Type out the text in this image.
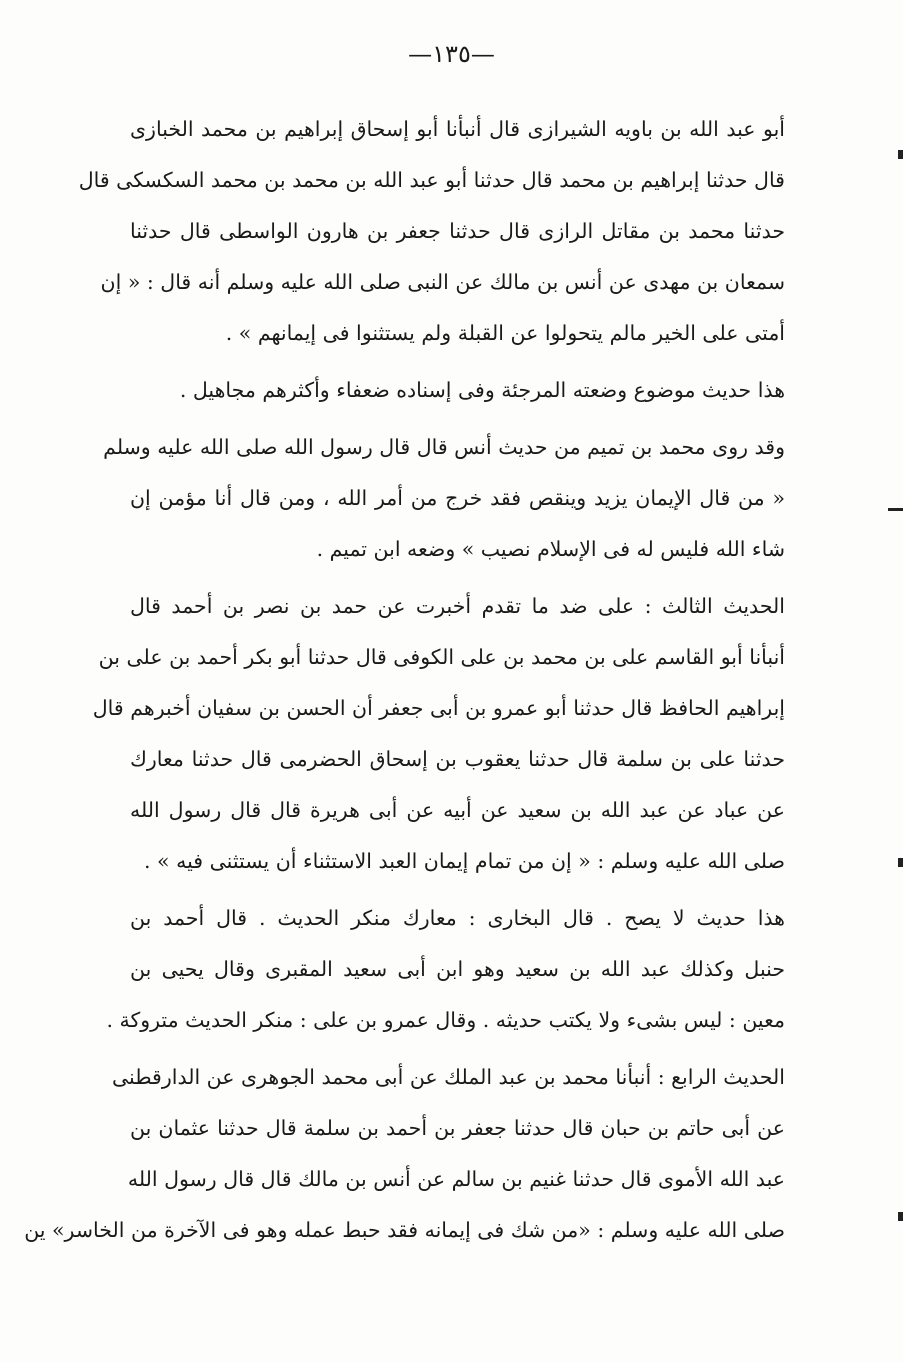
—١٣٥—
أبو عبد الله بن باويه الشيرازى قال أنبأنا أبو إسحاق إبراهيم بن محمد الخبازى
قال حدثنا إبراهيم بن محمد قال حدثنا أبو عبد الله بن محمد بن محمد السكسكى قال
حدثنا محمد بن مقاتل الرازى قال حدثنا جعفر بن هارون الواسطى قال حدثنا
سمعان بن مهدى عن أنس بن مالك عن النبى صلى الله عليه وسلم أنه قال : « إن
أمتى على الخير مالم يتحولوا عن القبلة ولم يستثنوا فى إيمانهم » .
هذا حديث موضوع وضعته المرجئة وفى إسناده ضعفاء وأكثرهم مجاهيل .
وقد روى محمد بن تميم من حديث أنس قال قال رسول الله صلى الله عليه وسلم
« من قال الإيمان يزيد وينقص فقد خرج من أمر الله ، ومن قال أنا مؤمن إن
شاء الله فليس له فى الإسلام نصيب » وضعه ابن تميم .
الحديث الثالث : على ضد ما تقدم أخبرت عن حمد بن نصر بن أحمد قال
أنبأنا أبو القاسم على بن محمد بن على الكوفى قال حدثنا أبو بكر أحمد بن على بن
إبراهيم الحافظ قال حدثنا أبو عمرو بن أبى جعفر أن الحسن بن سفيان أخبرهم قال
حدثنا على بن سلمة قال حدثنا يعقوب بن إسحاق الحضرمى قال حدثنا معارك
عن عباد عن عبد الله بن سعيد عن أبيه عن أبى هريرة قال قال رسول الله
صلى الله عليه وسلم : « إن من تمام إيمان العبد الاستثناء أن يستثنى فيه » .
هذا حديث لا يصح . قال البخارى : معارك منكر الحديث . قال أحمد بن
حنبل وكذلك عبد الله بن سعيد وهو ابن أبى سعيد المقبرى وقال يحيى بن
معين : ليس بشىء ولا يكتب حديثه . وقال عمرو بن على : منكر الحديث متروكة .
الحديث الرابع : أنبأنا محمد بن عبد الملك عن أبى محمد الجوهرى عن الدارقطنى
عن أبى حاتم بن حبان قال حدثنا جعفر بن أحمد بن سلمة قال حدثنا عثمان بن
عبد الله الأموى قال حدثنا غنيم بن سالم عن أنس بن مالك قال قال رسول الله
صلى الله عليه وسلم : «من شك فى إيمانه فقد حبط عمله وهو فى الآخرة من الخاسر» ين
